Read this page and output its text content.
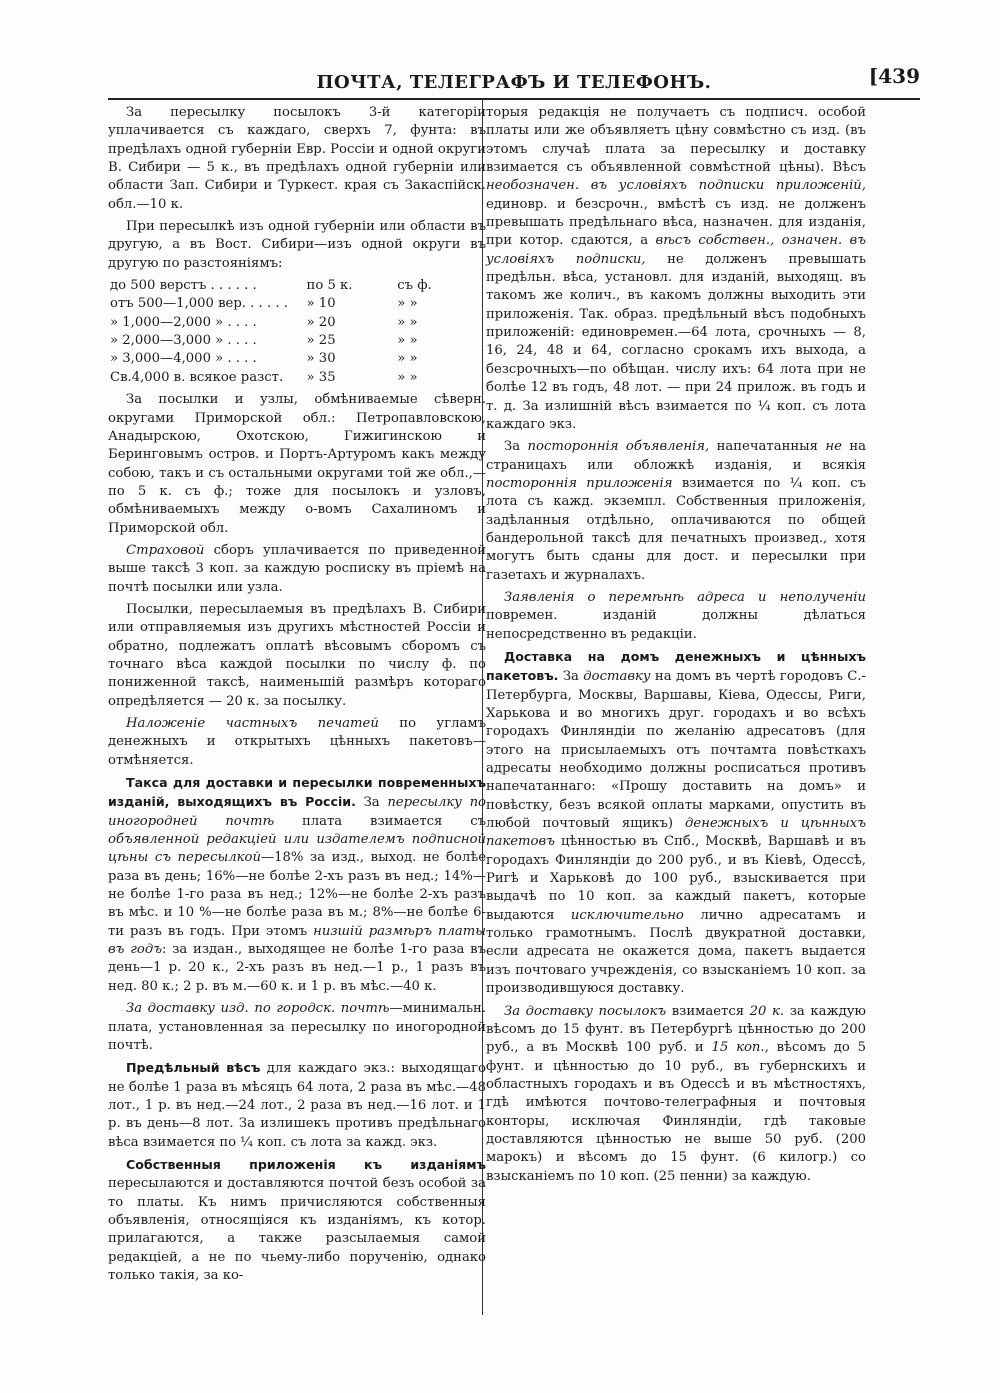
ПОЧТА, ТЕЛЕГРАФЪ И ТЕЛЕФОНЪ.	[439

За пересылку посылокъ 3-й категоріи уплачивается съ каждаго, сверхъ 7, фунта: въ предѣлахъ одной губерніи Евр. Россіи и одной округи В. Сибири — 5 к., въ предѣлахъ одной губерніи или области Зап. Сибири и Туркест. края съ Закаспійск. обл.—10 к.

При пересылкѣ изъ одной губерніи или области въ другую, а въ Вост. Сибири—изъ одной округи въ другую по разстояніямъ:

до 500 верстъ . . . . . .	по 5 к.	съ ф.
отъ 500—1,000 вер. . . . . .	» 10	» »
» 1,000—2,000 » . . . .	» 20	» »
» 2,000—3,000 » . . . .	» 25	» »
» 3,000—4,000 » . . . .	» 30	» »
Св.4,000 в. всякое разст.	» 35	» »

За посылки и узлы, обмѣниваемые сѣверн. округами Приморской обл.: Петропавловскою, Анадырскою, Охотскою, Гижигинскою и Беринговымъ остров. и Портъ-Артуромъ какъ между собою, такъ и съ остальными округами той же обл.,—по 5 к. съ ф.; тоже для посылокъ и узловъ, обмѣниваемыхъ между о-вомъ Сахалиномъ и Приморской обл.

Страховой сборъ уплачивается по приведенной выше таксѣ 3 коп. за каждую росписку въ пріемѣ на почтѣ посылки или узла.

Посылки, пересылаемыя въ предѣлахъ В. Сибири или отправляемыя изъ другихъ мѣстностей Россіи и обратно, подлежатъ оплатѣ вѣсовымъ сборомъ съ точнаго вѣса каждой посылки по числу ф. по пониженной таксѣ, наименьшій размѣръ котораго опредѣляется — 20 к. за посылку.

Наложеніе частныхъ печатей по угламъ денежныхъ и открытыхъ цѣнныхъ пакетовъ—отмѣняется.

Такса для доставки и пересылки повременныхъ изданій, выходящихъ въ Россіи. За пересылку по иногородней почтѣ плата взимается съ объявленной редакціей или издателемъ подписной цѣны съ пересылкой—18% за изд., выход. не болѣе раза въ день; 16%—не болѣе 2-хъ разъ въ нед.; 14%—не болѣе 1-го раза въ нед.; 12%—не болѣе 2-хъ разъ въ мѣс. и 10 %—не болѣе раза въ м.; 8%—не болѣе 6-ти разъ въ годъ. При этомъ низшій размѣръ платы въ годъ: за издан., выходящее не болѣе 1-го раза въ день—1 р. 20 к., 2-хъ разъ въ нед.—1 р., 1 разъ въ нед. 80 к.; 2 р. въ м.—60 к. и 1 р. въ мѣс.—40 к.

За доставку изд. по городск. почтѣ—минимальн. плата, установленная за пересылку по иногородной почтѣ.

Предѣльный вѣсъ для каждаго экз.: выходящаго не болѣе 1 раза въ мѣсяцъ 64 лота, 2 раза въ мѣс.—48 лот., 1 р. въ нед.—24 лот., 2 раза въ нед.—16 лот. и 1 р. въ день—8 лот. За излишекъ противъ предѣльнаго вѣса взимается по ¼ коп. съ лота за кажд. экз.

Собственныя приложенія къ изданіямъ пересылаются и доставляются почтой безъ особой за то платы. Къ нимъ причисляются собственныя объявленія, относящіяся къ изданіямъ, къ котор. прилагаются, а также разсылаемыя самой редакціей, а не по чьему-либо порученію, однако только такія, за ко-

торыя редакція не получаетъ съ подписч. особой платы или же объявляетъ цѣну совмѣстно съ изд. (въ этомъ случаѣ плата за пересылку и доставку взимается съ объявленной совмѣстной цѣны). Вѣсъ необозначен. въ условіяхъ подписки приложеній, единовр. и безсрочн., вмѣстѣ съ изд. не долженъ превышать предѣльнаго вѣса, назначен. для изданія, при котор. сдаются, а вѣсъ собствен., означен. въ условіяхъ подписки, не долженъ превышать предѣльн. вѣса, установл. для изданій, выходящ. въ такомъ же колич., въ какомъ должны выходить эти приложенія. Так. образ. предѣльный вѣсъ подобныхъ приложеній: единовремен.—64 лота, срочныхъ — 8, 16, 24, 48 и 64, согласно срокамъ ихъ выхода, а безсрочныхъ—по обѣщан. числу ихъ: 64 лота при не болѣе 12 въ годъ, 48 лот. — при 24 прилож. въ годъ и т. д. За излишній вѣсъ взимается по ¼ коп. съ лота каждаго экз.

За постороннія объявленія, напечатанныя не на страницахъ или обложкѣ изданія, и всякія постороннія приложенія взимается по ¼ коп. съ лота съ кажд. экземпл. Собственныя приложенія, задѣланныя отдѣльно, оплачиваются по общей бандерольной таксѣ для печатныхъ произвед., хотя могутъ быть сданы для дост. и пересылки при газетахъ и журналахъ.

Заявленія о перемѣнѣ адреса и неполученіи повремен. изданій должны дѣлаться непосредственно въ редакціи.

Доставка на домъ денежныхъ и цѣнныхъ пакетовъ. За доставку на домъ въ чертѣ городовъ С.-Петербурга, Москвы, Варшавы, Кіева, Одессы, Риги, Харькова и во многихъ друг. городахъ и во всѣхъ городахъ Финляндіи по желанію адресатовъ (для этого на присылаемыхъ отъ почтамта повѣсткахъ адресаты необходимо должны росписаться противъ напечатаннаго: «Прошу доставить на домъ» и повѣстку, безъ всякой оплаты марками, опустить въ любой почтовый ящикъ) денежныхъ и цѣнныхъ пакетовъ цѣнностью въ Спб., Москвѣ, Варшавѣ и въ городахъ Финляндіи до 200 руб., и въ Кіевѣ, Одессѣ, Ригѣ и Харьковѣ до 100 руб., взыскивается при выдачѣ по 10 коп. за каждый пакетъ, которые выдаются исключительно лично адресатамъ и только грамотнымъ. Послѣ двукратной доставки, если адресата не окажется дома, пакетъ выдается изъ почтоваго учрежденія, со взысканіемъ 10 коп. за производившуюся доставку.

За доставку посылокъ взимается 20 к. за каждую вѣсомъ до 15 фунт. въ Петербургѣ цѣнностью до 200 руб., а въ Москвѣ 100 руб. и 15 коп., вѣсомъ до 5 фунт. и цѣнностью до 10 руб., въ губернскихъ и областныхъ городахъ и въ Одессѣ и въ мѣстностяхъ, гдѣ имѣются почтово-телеграфныя и почтовыя конторы, исключая Финляндіи, гдѣ таковые доставляются цѣнностью не выше 50 руб. (200 марокъ) и вѣсомъ до 15 фунт. (6 килогр.) со взысканіемъ по 10 коп. (25 пенни) за каждую.
